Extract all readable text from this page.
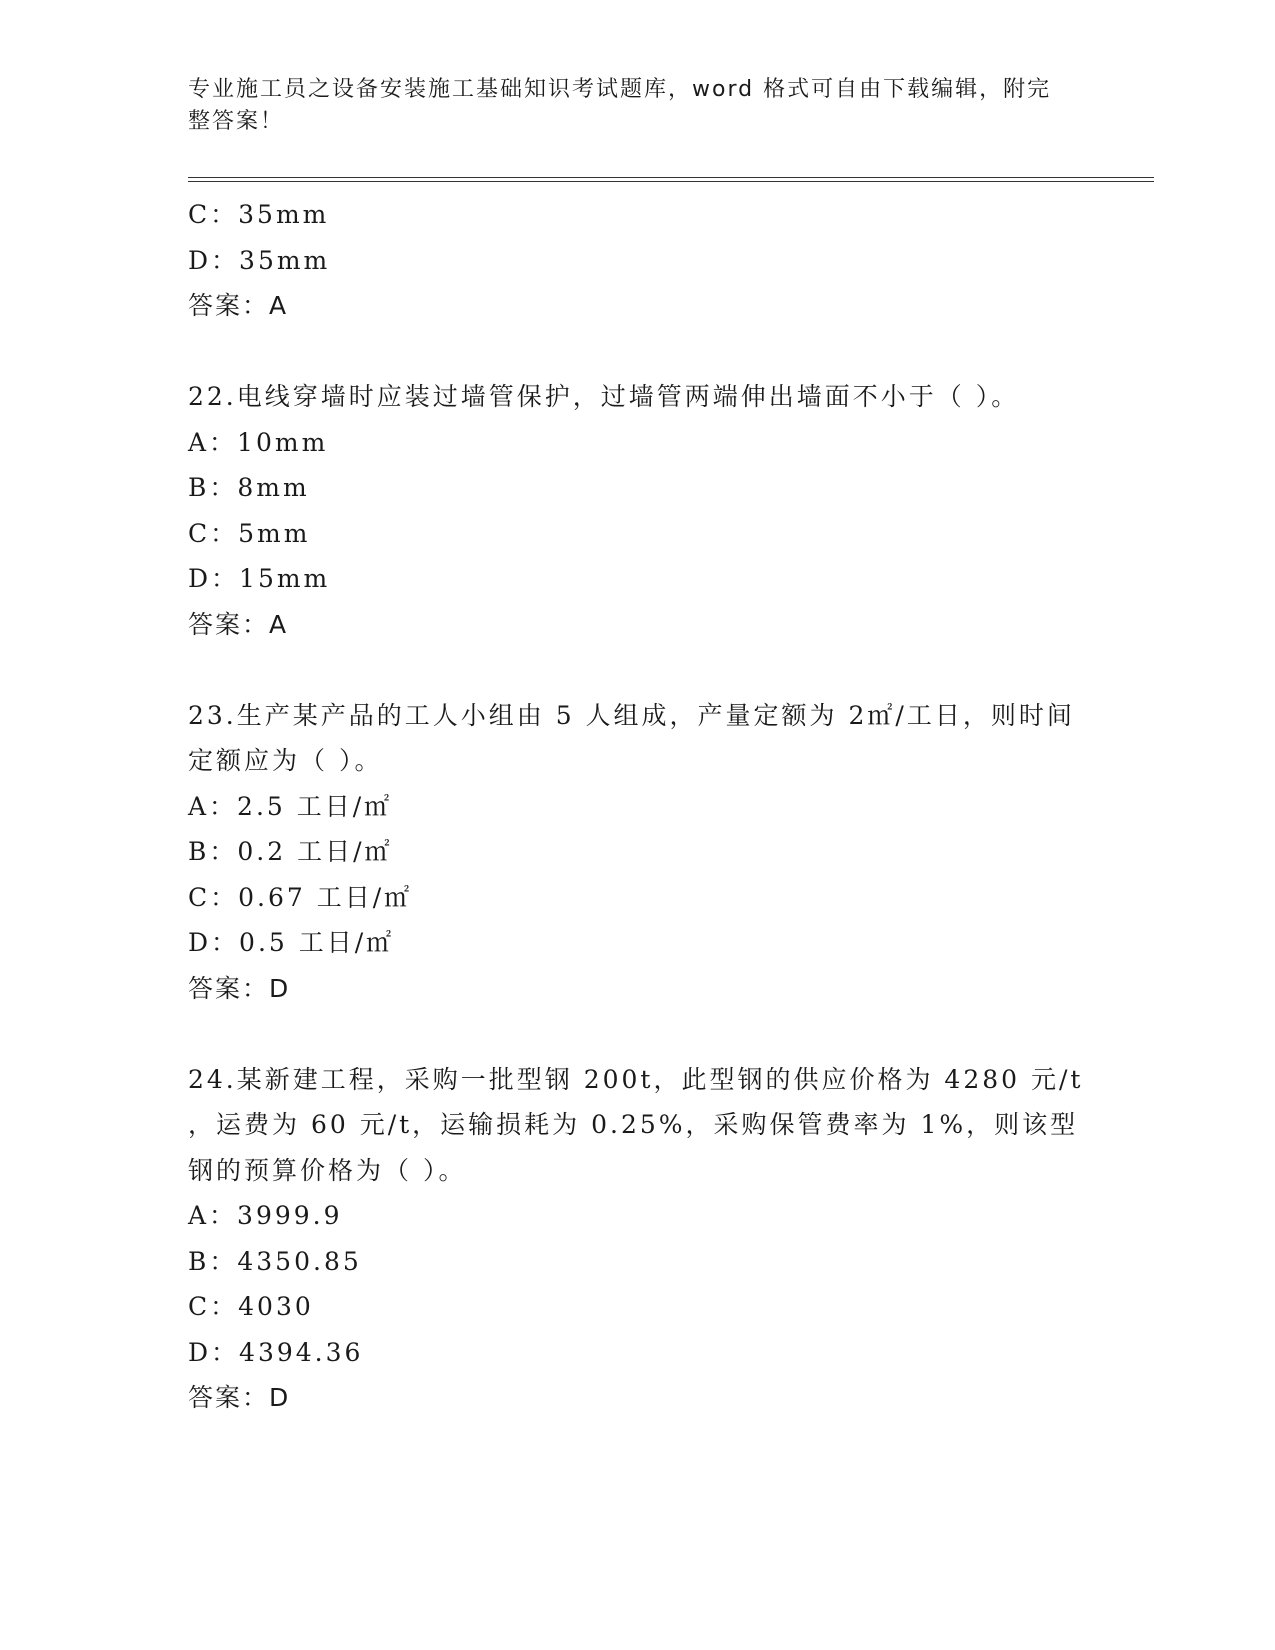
专业施工员之设备安装施工基础知识考试题库，word 格式可自由下载编辑，附完
整答案！
C：35mm
D：35mm
答案：A
22.电线穿墙时应装过墙管保护，过墙管两端伸出墙面不小于（ ）。
A：10mm
B：8mm
C：5mm
D：15mm
答案：A
23.生产某产品的工人小组由 5 人组成，产量定额为 2㎡/工日，则时间
定额应为（ ）。
A：2.5 工日/㎡
B：0.2 工日/㎡
C：0.67 工日/㎡
D：0.5 工日/㎡
答案：D
24.某新建工程，采购一批型钢 200t，此型钢的供应价格为 4280 元/t
，运费为 60 元/t，运输损耗为 0.25%，采购保管费率为 1%，则该型
钢的预算价格为（ ）。
A：3999.9
B：4350.85
C：4030
D：4394.36
答案：D
